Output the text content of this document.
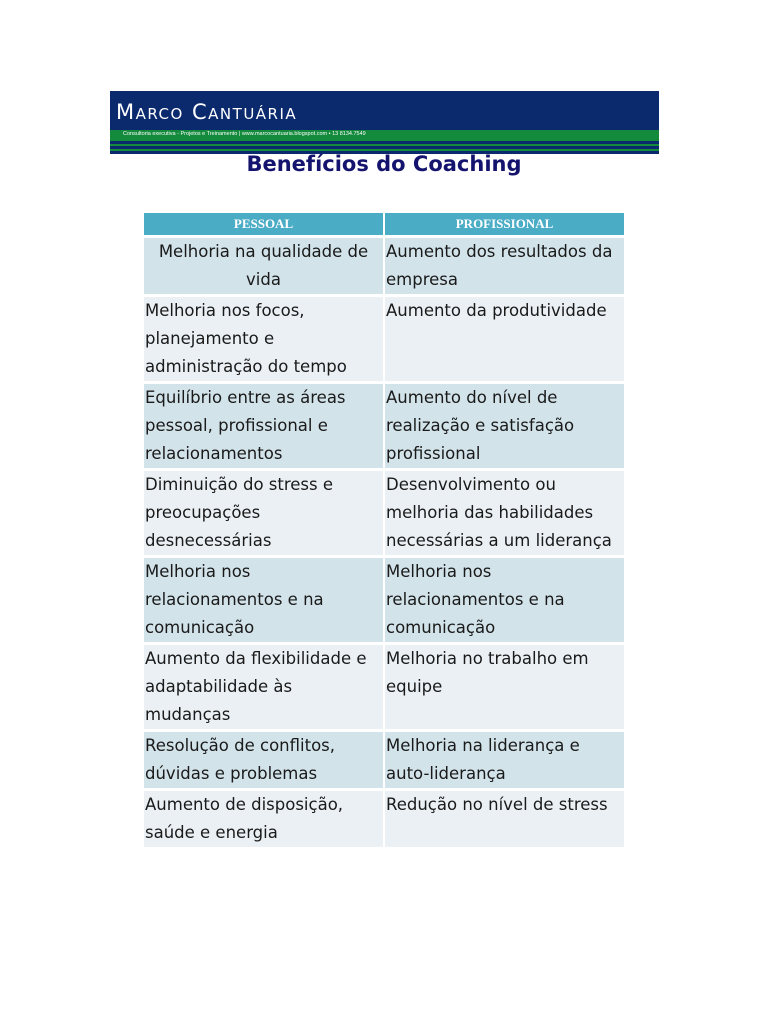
Marco Cantuária
Consultoria executiva - Projetos e Treinamento | www.marcocantuaria.blogspot.com • 13 8134.7549
Benefícios do Coaching
PESSOAL	PROFISSIONAL
Melhoria na qualidade de vida	Aumento dos resultados da empresa
Melhoria nos focos, planejamento e administração do tempo	Aumento da produtividade
Equilíbrio entre as áreas pessoal, profissional e relacionamentos	Aumento do nível de realização e satisfação profissional
Diminuição do stress e preocupações desnecessárias	Desenvolvimento ou melhoria das habilidades necessárias a um liderança
Melhoria nos relacionamentos e na comunicação	Melhoria nos relacionamentos e na comunicação
Aumento da flexibilidade e adaptabilidade às mudanças	Melhoria no trabalho em equipe
Resolução de conflitos, dúvidas e problemas	Melhoria na liderança e auto-liderança
Aumento de disposição, saúde e energia	Redução no nível de stress
